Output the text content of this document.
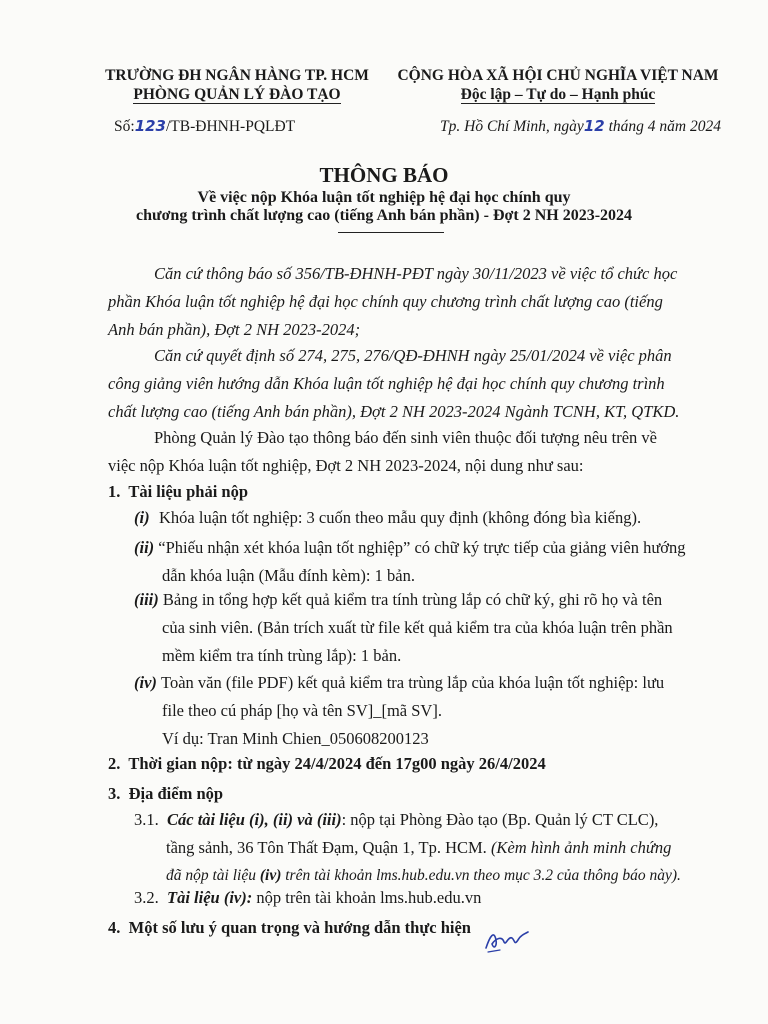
TRƯỜNG ĐH NGÂN HÀNG TP. HCM
PHÒNG QUẢN LÝ ĐÀO TẠO
Số:123/TB-ĐHNH-PQLĐT
CỘNG HÒA XÃ HỘI CHỦ NGHĨA VIỆT NAM
Độc lập – Tự do – Hạnh phúc
Tp. Hồ Chí Minh, ngày12 tháng 4 năm 2024
THÔNG BÁO
Về việc nộp Khóa luận tốt nghiệp hệ đại học chính quy
chương trình chất lượng cao (tiếng Anh bán phần) - Đợt 2 NH 2023-2024
Căn cứ thông báo số 356/TB-ĐHNH-PĐT ngày 30/11/2023 về việc tổ chức học
phần Khóa luận tốt nghiệp hệ đại học chính quy chương trình chất lượng cao (tiếng
Anh bán phần), Đợt 2 NH 2023-2024;
Căn cứ quyết định số 274, 275, 276/QĐ-ĐHNH ngày 25/01/2024 về việc phân
công giảng viên hướng dẫn Khóa luận tốt nghiệp hệ đại học chính quy chương trình
chất lượng cao (tiếng Anh bán phần), Đợt 2 NH 2023-2024 Ngành TCNH, KT, QTKD.
Phòng Quản lý Đào tạo thông báo đến sinh viên thuộc đối tượng nêu trên về
việc nộp Khóa luận tốt nghiệp, Đợt 2 NH 2023-2024, nội dung như sau:
1.  Tài liệu phải nộp
(i) Khóa luận tốt nghiệp: 3 cuốn theo mẫu quy định (không đóng bìa kiếng).
(ii) “Phiếu nhận xét khóa luận tốt nghiệp” có chữ ký trực tiếp của giảng viên hướng
dẫn khóa luận (Mẫu đính kèm): 1 bản.
(iii) Bảng in tổng hợp kết quả kiểm tra tính trùng lắp có chữ ký, ghi rõ họ và tên
của sinh viên. (Bản trích xuất từ file kết quả kiểm tra của khóa luận trên phần
mềm kiểm tra tính trùng lắp): 1 bản.
(iv) Toàn văn (file PDF) kết quả kiểm tra trùng lắp của khóa luận tốt nghiệp: lưu
file theo cú pháp [họ và tên SV]_[mã SV].
Ví dụ: Tran Minh Chien_050608200123
2.  Thời gian nộp: từ ngày 24/4/2024 đến 17g00 ngày 26/4/2024
3.  Địa điểm nộp
3.1. Các tài liệu (i), (ii) và (iii): nộp tại Phòng Đào tạo (Bp. Quản lý CT CLC),
tầng sảnh, 36 Tôn Thất Đạm, Quận 1, Tp. HCM. (Kèm hình ảnh minh chứng
đã nộp tài liệu (iv) trên tài khoản lms.hub.edu.vn theo mục 3.2 của thông báo này).
3.2. Tài liệu (iv): nộp trên tài khoản lms.hub.edu.vn
4.  Một số lưu ý quan trọng và hướng dẫn thực hiện
